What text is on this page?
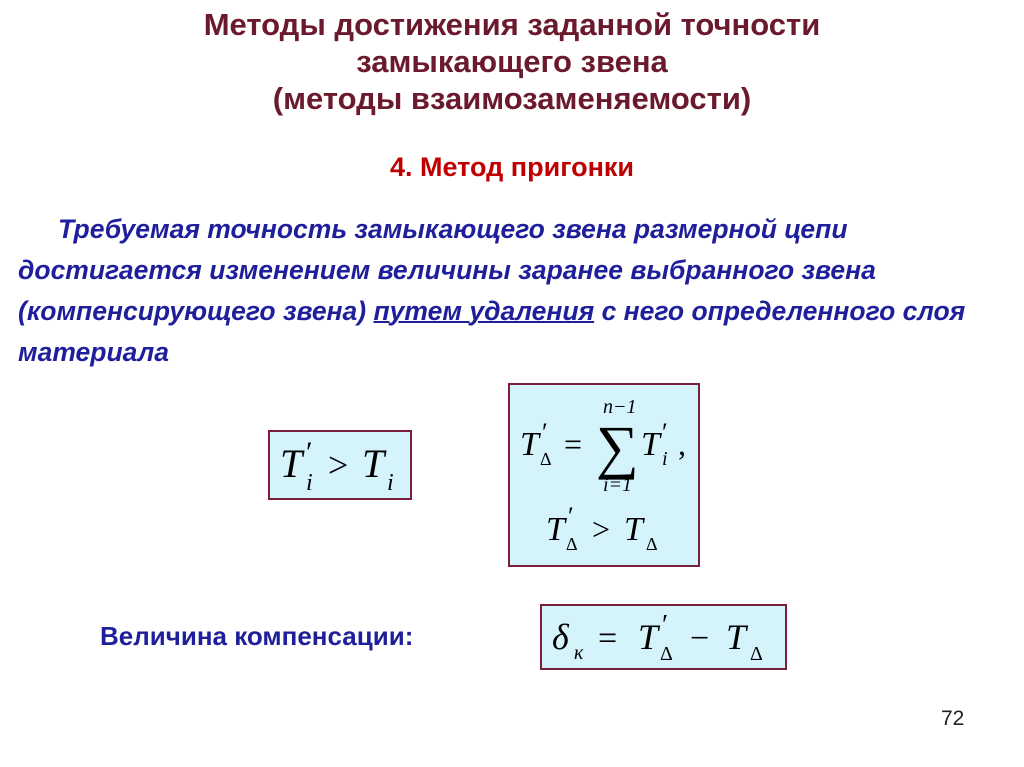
Методы достижения заданной точности
замыкающего звена
(методы взаимозаменяемости)
4. Метод пригонки
Требуемая точность замыкающего звена размерной цепи достигается изменением величины заранее выбранного звена (компенсирующего звена) путем удаления с него определенного слоя материала
T ′
i > T i
n−1
T ′
Δ = ∑ T ′
i ,
i=1
T ′
Δ > T Δ
Величина компенсации:	δ к = T ′
Δ − T Δ
72
